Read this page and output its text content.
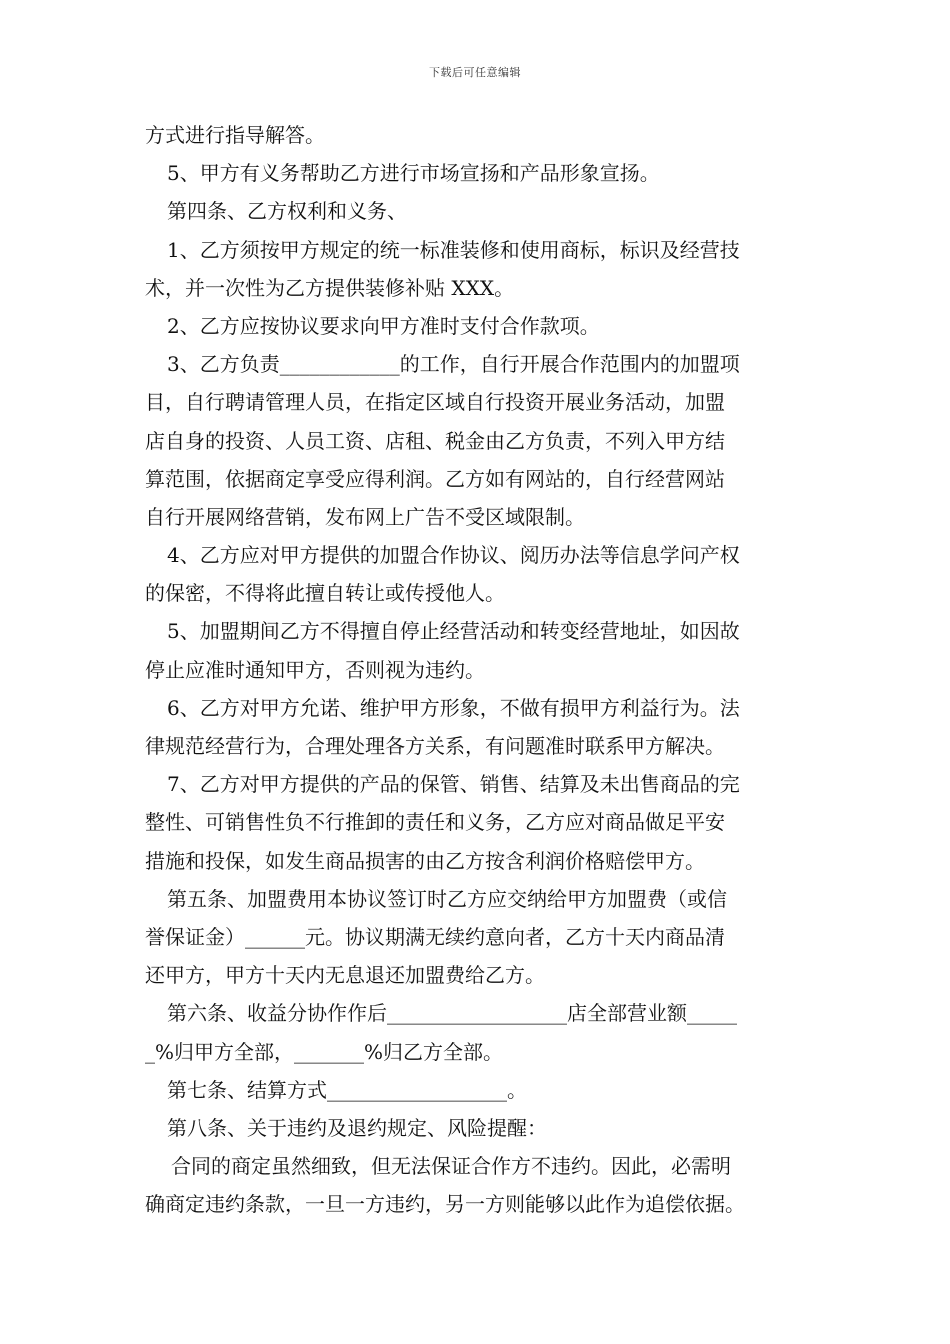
下载后可任意编辑
方式进行指导解答。
5、甲方有义务帮助乙方进行市场宣扬和产品形象宣扬。
第四条、乙方权利和义务、
1、乙方须按甲方规定的统一标准装修和使用商标，标识及经营技
术，并一次性为乙方提供装修补贴 XXX。
2、乙方应按协议要求向甲方准时支付合作款项。
3、乙方负责____________的工作，自行开展合作范围内的加盟项
目，自行聘请管理人员，在指定区域自行投资开展业务活动，加盟
店自身的投资、人员工资、店租、税金由乙方负责，不列入甲方结
算范围，依据商定享受应得利润。乙方如有网站的，自行经营网站
自行开展网络营销，发布网上广告不受区域限制。
4、乙方应对甲方提供的加盟合作协议、阅历办法等信息学问产权
的保密，不得将此擅自转让或传授他人。
5、加盟期间乙方不得擅自停止经营活动和转变经营地址，如因故
停止应准时通知甲方，否则视为违约。
6、乙方对甲方允诺、维护甲方形象，不做有损甲方利益行为。法
律规范经营行为，合理处理各方关系，有问题准时联系甲方解决。
7、乙方对甲方提供的产品的保管、销售、结算及未出售商品的完
整性、可销售性负不行推卸的责任和义务，乙方应对商品做足平安
措施和投保，如发生商品损害的由乙方按含利润价格赔偿甲方。
第五条、加盟费用本协议签订时乙方应交纳给甲方加盟费（或信
誉保证金）______元。协议期满无续约意向者，乙方十天内商品清
还甲方，甲方十天内无息退还加盟费给乙方。
第六条、收益分协作作后__________________店全部营业额_____
_%归甲方全部，_______%归乙方全部。
第七条、结算方式__________________。
第八条、关于违约及退约规定、风险提醒：
合同的商定虽然细致，但无法保证合作方不违约。因此，必需明
确商定违约条款，一旦一方违约，另一方则能够以此作为追偿依据。
